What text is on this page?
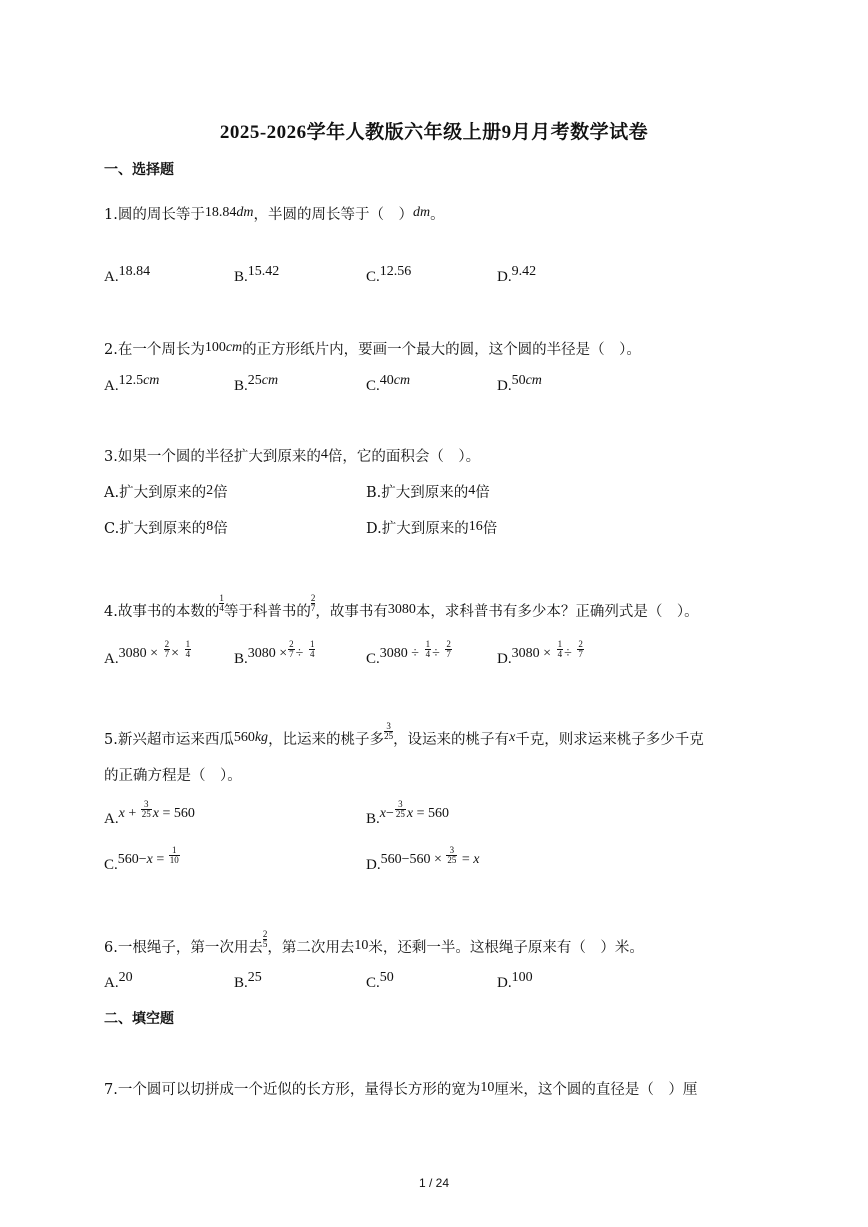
2025-2026学年人教版六年级上册9月月考数学试卷
一、选择题
1.圆的周长等于18.84dm，半圆的周长等于（　）dm。
A.18.84	B.15.42	C.12.56	D.9.42
2.在一个周长为100cm的正方形纸片内，要画一个最大的圆，这个圆的半径是（　）。
A.12.5cm	B.25cm	C.40cm	D.50cm
3.如果一个圆的半径扩大到原来的4倍，它的面积会（　）。
A.扩大到原来的2倍	B.扩大到原来的4倍
C.扩大到原来的8倍	D.扩大到原来的16倍
4.故事书的本数的 $\frac{1}{4}$ 等于科普书的 $\frac{2}{7}$ ，故事书有3080本，求科普书有多少本？正确列式是（　）。
$A.3080 \times \frac{2}{7} \times \frac{1}{4}$	$B.3080 \times \frac{2}{7} \div \frac{1}{4}$	$C.3080 \div \frac{1}{4} \div \frac{2}{7}$	$D.3080 \times \frac{1}{4} \div \frac{2}{7}$
5.新兴超市运来西瓜560kg，比运来的桃子多 $\frac{3}{25}$ ，设运来的桃子有x千克，则求运来桃子多少千克
的正确方程是（　）。
$A.x + \frac{3}{25}$ x = 560	$B.x- \frac{3}{25}$ x = 560
$C.560-x = \frac{1}{10}$	$D.560-560 \times \frac{3}{25} = x$
6.一根绳子，第一次用去 $\frac{2}{5}$ ，第二次用去10米，还剩一半。这根绳子原来有（　）米。
A.20	B.25	C.50	D.100
二、填空题
7.一个圆可以切拼成一个近似的长方形，量得长方形的宽为10厘米，这个圆的直径是（　）厘
1 / 24
